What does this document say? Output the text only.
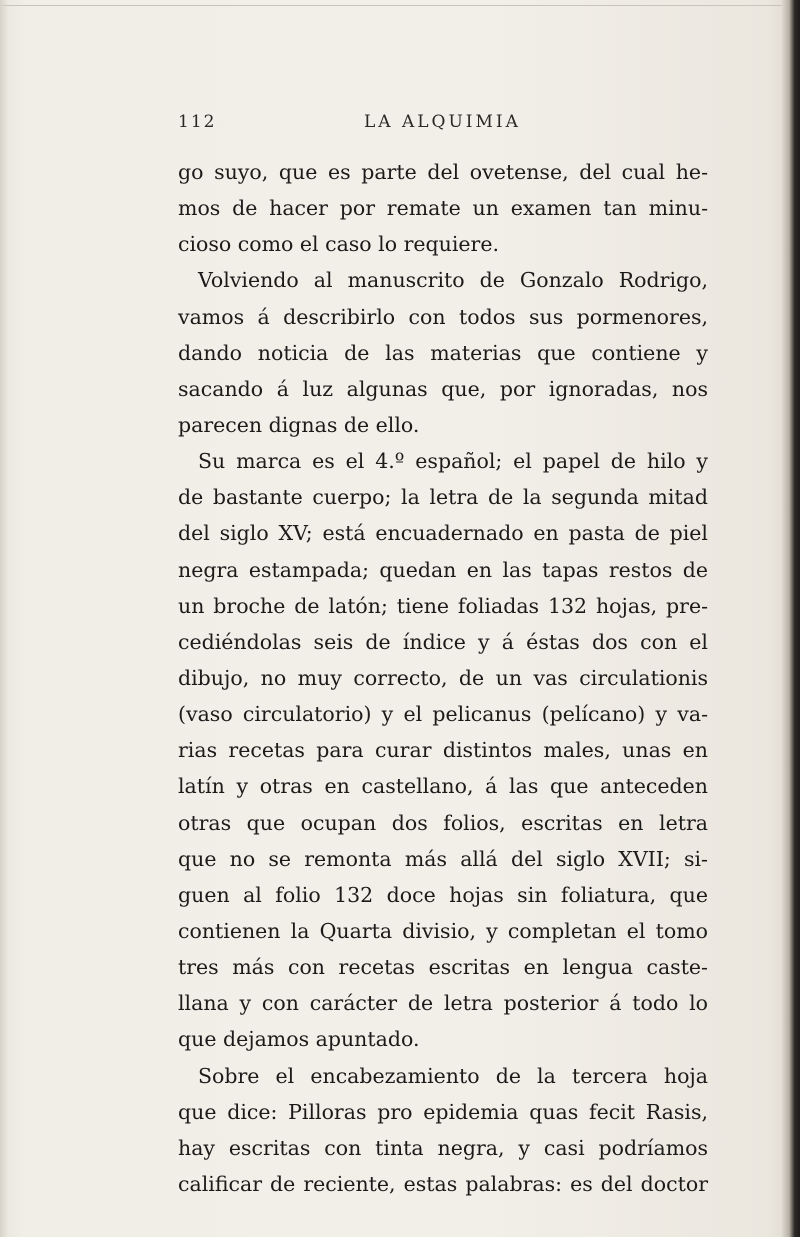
112	LA ALQUIMIA
go suyo, que es parte del ovetense, del cual he-
mos de hacer por remate un examen tan minu-
cioso como el caso lo requiere.
Volviendo al manuscrito de Gonzalo Rodrigo,
vamos á describirlo con todos sus pormenores,
dando noticia de las materias que contiene y
sacando á luz algunas que, por ignoradas, nos
parecen dignas de ello.
Su marca es el 4.º español; el papel de hilo y
de bastante cuerpo; la letra de la segunda mitad
del siglo XV; está encuadernado en pasta de piel
negra estampada; quedan en las tapas restos de
un broche de latón; tiene foliadas 132 hojas, pre-
cediéndolas seis de índice y á éstas dos con el
dibujo, no muy correcto, de un vas circulationis
(vaso circulatorio) y el pelicanus (pelícano) y va-
rias recetas para curar distintos males, unas en
latín y otras en castellano, á las que anteceden
otras que ocupan dos folios, escritas en letra
que no se remonta más allá del siglo XVII; si-
guen al folio 132 doce hojas sin foliatura, que
contienen la Quarta divisio, y completan el tomo
tres más con recetas escritas en lengua caste-
llana y con carácter de letra posterior á todo lo
que dejamos apuntado.
Sobre el encabezamiento de la tercera hoja
que dice: Pilloras pro epidemia quas fecit Rasis,
hay escritas con tinta negra, y casi podríamos
calificar de reciente, estas palabras: es del doctor
